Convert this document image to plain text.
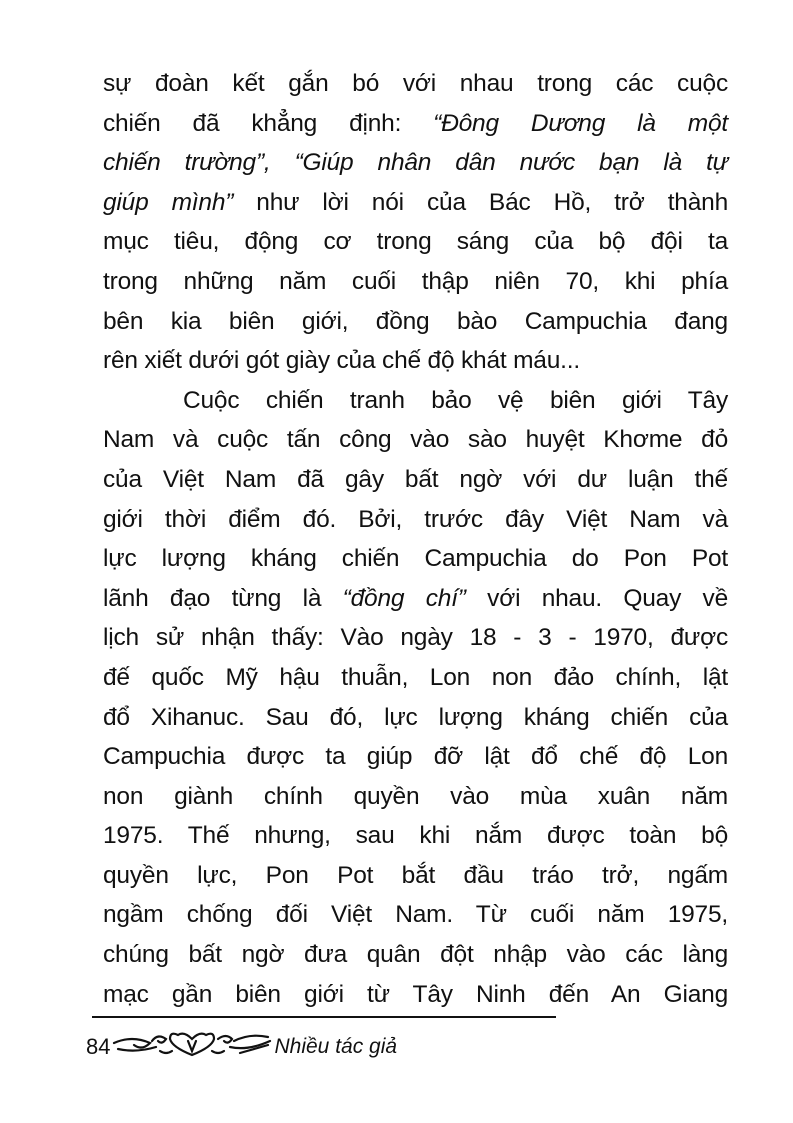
sự đoàn kết gắn bó với nhau trong các cuộc
chiến đã khẳng định: “Đông Dương là một
chiến trường”, “Giúp nhân dân nước bạn là tự
giúp mình” như lời nói của Bác Hồ, trở thành
mục tiêu, động cơ trong sáng của bộ đội ta
trong những năm cuối thập niên 70, khi phía
bên kia biên giới, đồng bào Campuchia đang
rên xiết dưới gót giày của chế độ khát máu...
Cuộc chiến tranh bảo vệ biên giới Tây
Nam và cuộc tấn công vào sào huyệt Khơme đỏ
của Việt Nam đã gây bất ngờ với dư luận thế
giới thời điểm đó. Bởi, trước đây Việt Nam và
lực lượng kháng chiến Campuchia do Pon Pot
lãnh đạo từng là “đồng chí” với nhau. Quay về
lịch sử nhận thấy: Vào ngày 18 - 3 - 1970, được
đế quốc Mỹ hậu thuẫn, Lon non đảo chính, lật
đổ Xihanuc. Sau đó, lực lượng kháng chiến của
Campuchia được ta giúp đỡ lật đổ chế độ Lon
non giành chính quyền vào mùa xuân năm
1975. Thế nhưng, sau khi nắm được toàn bộ
quyền lực, Pon Pot bắt đầu tráo trở, ngấm
ngầm chống đối Việt Nam. Từ cuối năm 1975,
chúng bất ngờ đưa quân đột nhập vào các làng
mạc gần biên giới từ Tây Ninh đến An Giang
84	Nhiều tác giả
